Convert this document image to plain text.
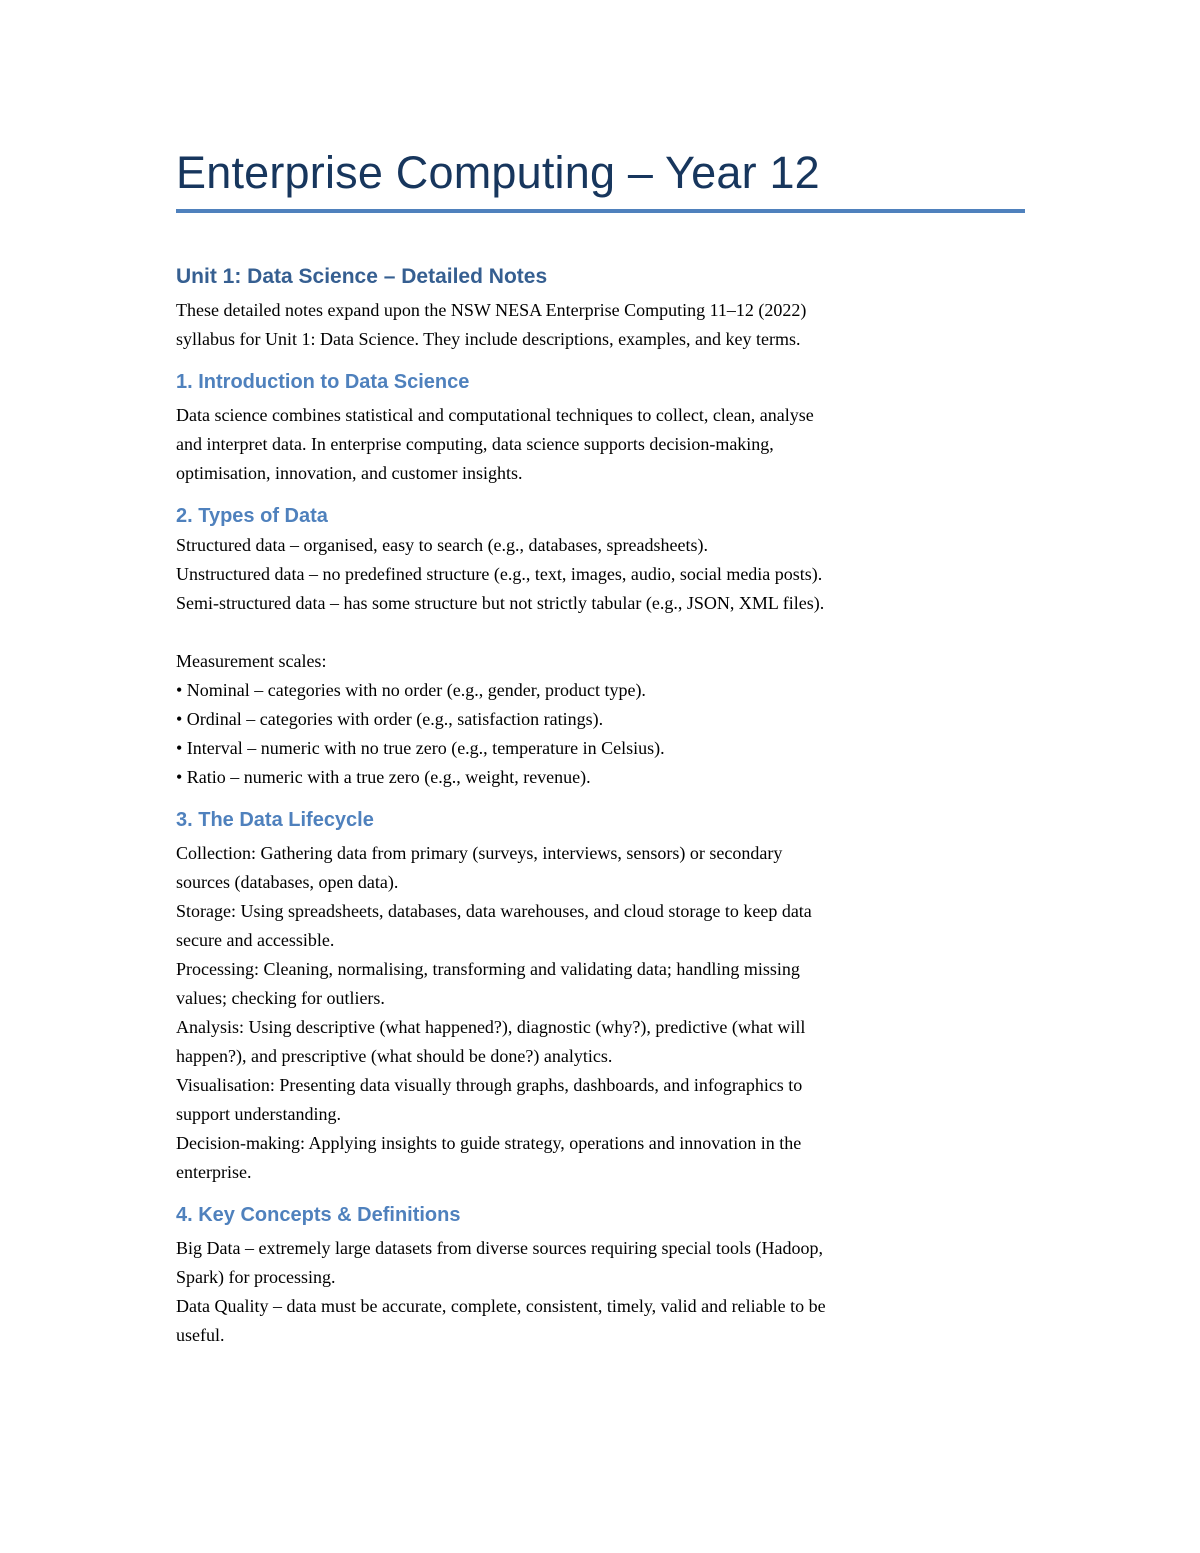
Enterprise Computing – Year 12
Unit 1: Data Science – Detailed Notes
These detailed notes expand upon the NSW NESA Enterprise Computing 11–12 (2022)
syllabus for Unit 1: Data Science. They include descriptions, examples, and key terms.
1. Introduction to Data Science
Data science combines statistical and computational techniques to collect, clean, analyse
and interpret data. In enterprise computing, data science supports decision-making,
optimisation, innovation, and customer insights.
2. Types of Data
Structured data – organised, easy to search (e.g., databases, spreadsheets).
Unstructured data – no predefined structure (e.g., text, images, audio, social media posts).
Semi-structured data – has some structure but not strictly tabular (e.g., JSON, XML files).
Measurement scales:
• Nominal – categories with no order (e.g., gender, product type).
• Ordinal – categories with order (e.g., satisfaction ratings).
• Interval – numeric with no true zero (e.g., temperature in Celsius).
• Ratio – numeric with a true zero (e.g., weight, revenue).
3. The Data Lifecycle
Collection: Gathering data from primary (surveys, interviews, sensors) or secondary
sources (databases, open data).
Storage: Using spreadsheets, databases, data warehouses, and cloud storage to keep data
secure and accessible.
Processing: Cleaning, normalising, transforming and validating data; handling missing
values; checking for outliers.
Analysis: Using descriptive (what happened?), diagnostic (why?), predictive (what will
happen?), and prescriptive (what should be done?) analytics.
Visualisation: Presenting data visually through graphs, dashboards, and infographics to
support understanding.
Decision-making: Applying insights to guide strategy, operations and innovation in the
enterprise.
4. Key Concepts & Definitions
Big Data – extremely large datasets from diverse sources requiring special tools (Hadoop,
Spark) for processing.
Data Quality – data must be accurate, complete, consistent, timely, valid and reliable to be
useful.
